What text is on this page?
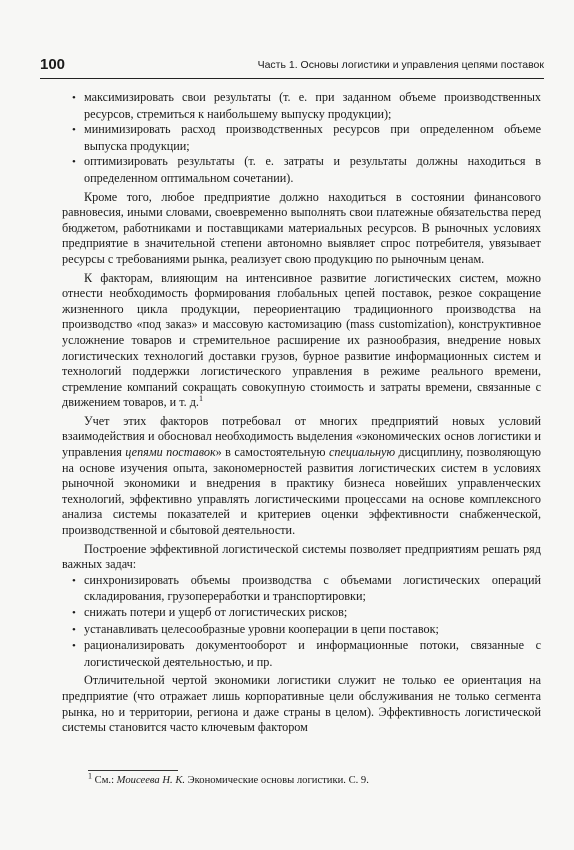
100	Часть 1. Основы логистики и управления цепями поставок
• максимизировать свои результаты (т. е. при заданном объеме производственных ресурсов, стремиться к наибольшему выпуску продукции);
• минимизировать расход производственных ресурсов при определенном объеме выпуска продукции;
• оптимизировать результаты (т. е. затраты и результаты должны находиться в определенном оптимальном сочетании).

Кроме того, любое предприятие должно находиться в состоянии финансового равновесия, иными словами, своевременно выполнять свои платежные обязательства перед бюджетом, работниками и поставщиками материальных ресурсов. В рыночных условиях предприятие в значительной степени автономно выявляет спрос потребителя, увязывает ресурсы с требованиями рынка, реализует свою продукцию по рыночным ценам.

К факторам, влияющим на интенсивное развитие логистических систем, можно отнести необходимость формирования глобальных цепей поставок, резкое сокращение жизненного цикла продукции, переориентацию традиционного производства на производство «под заказ» и массовую кастомизацию (mass customization), конструктивное усложнение товаров и стремительное расширение их разнообразия, внедрение новых логистических технологий доставки грузов, бурное развитие информационных систем и технологий поддержки логистического управления в режиме реального времени, стремление компаний сокращать совокупную стоимость и затраты времени, связанные с движением товаров, и т. д.$^1$

Учет этих факторов потребовал от многих предприятий новых условий взаимодействия и обосновал необходимость выделения «экономических основ логистики и управления цепями поставок» в самостоятельную специальную дисциплину, позволяющую на основе изучения опыта, закономерностей развития логистических систем в условиях рыночной экономики и внедрения в практику бизнеса новейших управленческих технологий, эффективно управлять логистическими процессами на основе комплексного анализа системы показателей и критериев оценки эффективности снабженческой, производственной и сбытовой деятельности.

Построение эффективной логистической системы позволяет предприятиям решать ряд важных задач:

• синхронизировать объемы производства с объемами логистических операций складирования, грузопереработки и транспортировки;
• снижать потери и ущерб от логистических рисков;
• устанавливать целесообразные уровни кооперации в цепи поставок;
• рационализировать документооборот и информационные потоки, связанные с логистической деятельностью, и пр.

Отличительной чертой экономики логистики служит не только ее ориентация на предприятие (что отражает лишь корпоративные цели обслуживания не только сегмента рынка, но и территории, региона и даже страны в целом). Эффективность логистической системы становится часто ключевым фактором

$^1$ См.: Моисеева Н. К. Экономические основы логистики. С. 9.
